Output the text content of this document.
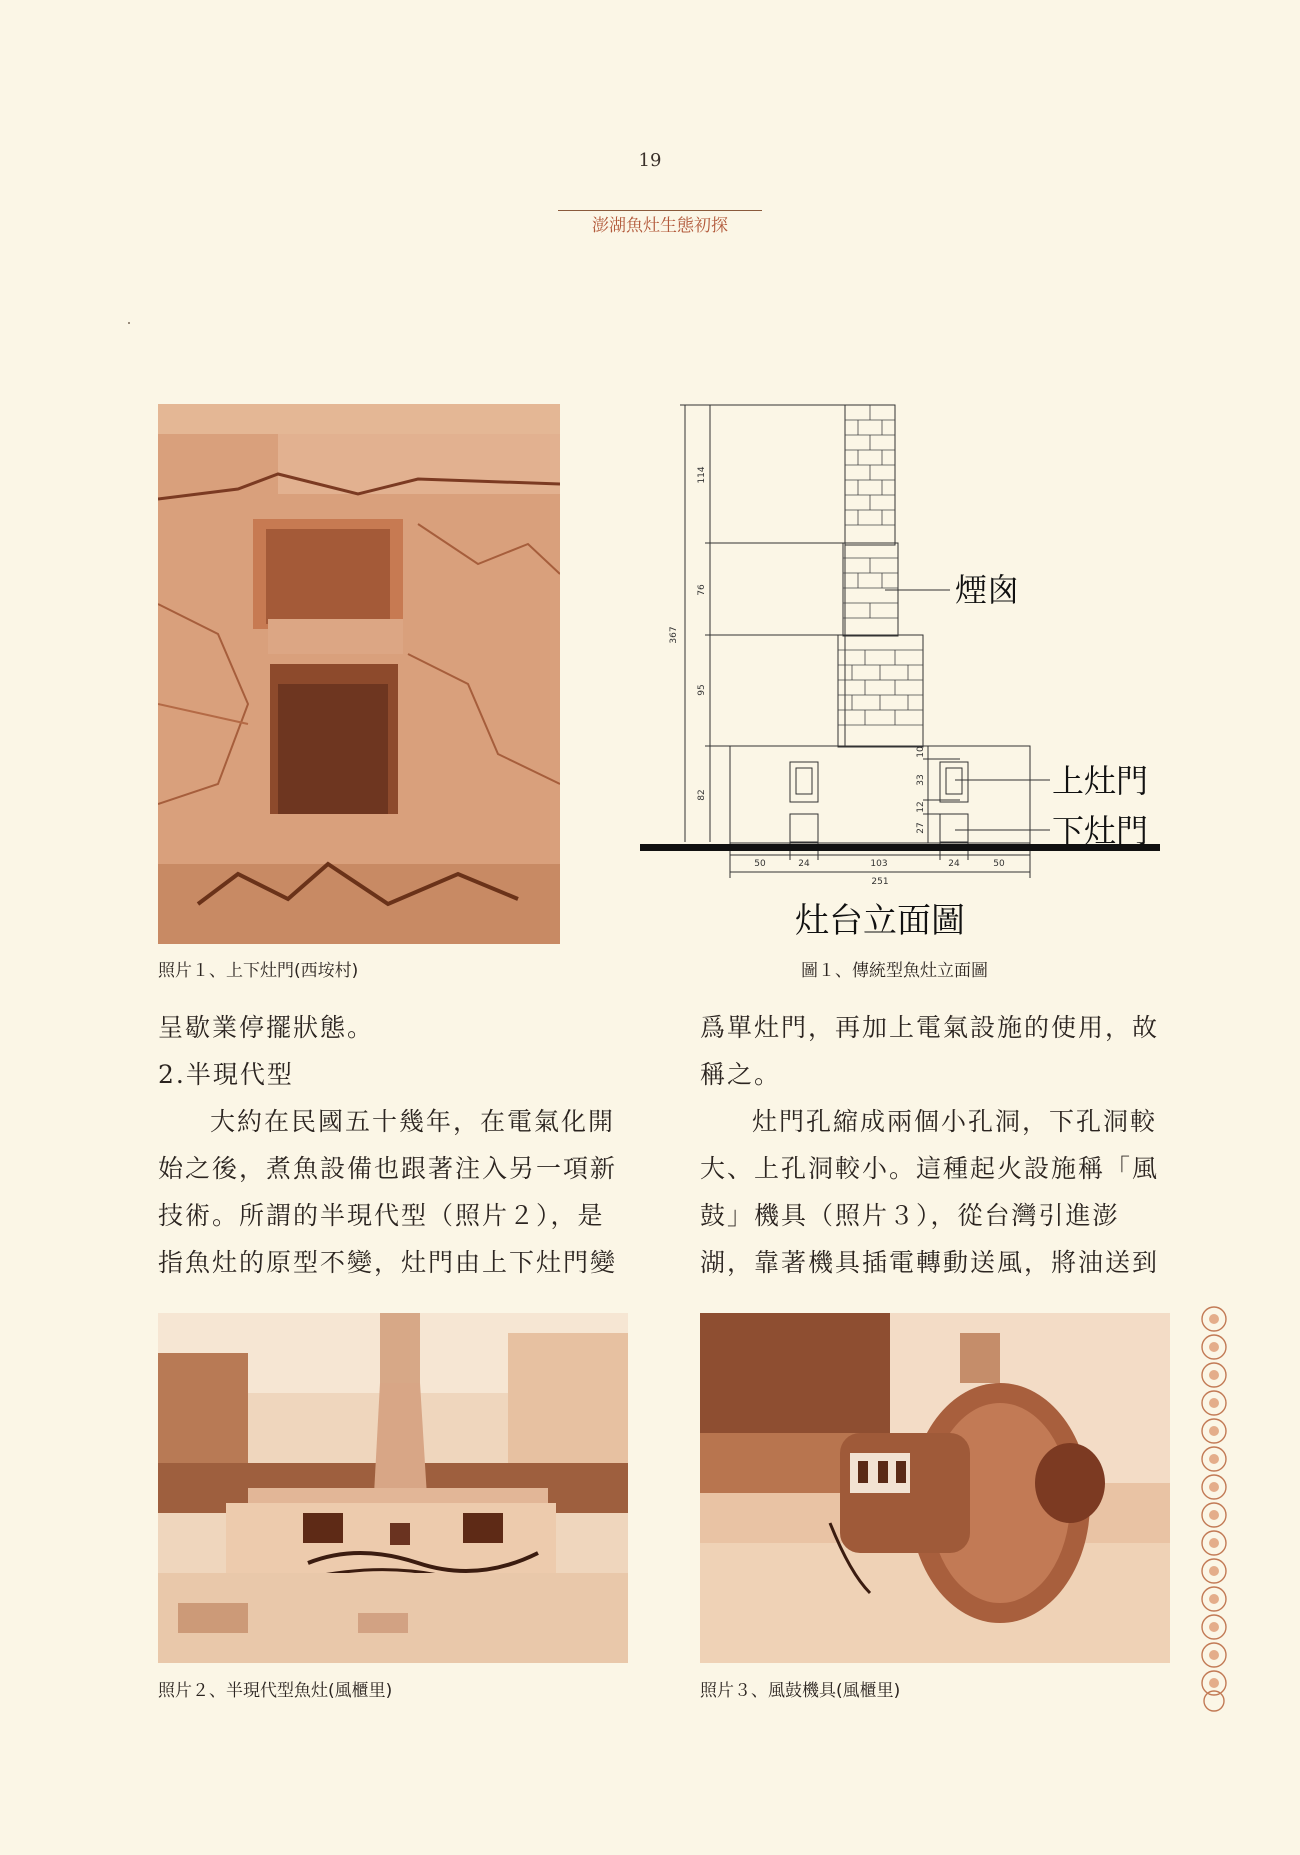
19
澎湖魚灶生態初探
照片１、上下灶門(西垵村)
367
114
76
95
82
10
33
12
27
50	24	103	24	50
251
煙囪
上灶門
下灶門
灶台立面圖
圖１、傳統型魚灶立面圖

呈歇業停擺狀態。

2.半現代型

大約在民國五十幾年，在電氣化開始之後，煮魚設備也跟著注入另一項新技術。所謂的半現代型（照片２），是指魚灶的原型不變，灶門由上下灶門變

爲單灶門，再加上電氣設施的使用，故稱之。

灶門孔縮成兩個小孔洞，下孔洞較大、上孔洞較小。這種起火設施稱「風鼓」機具（照片３），從台灣引進澎湖，靠著機具插電轉動送風，將油送到

照片２、半現代型魚灶(風櫃里)	照片３、風鼓機具(風櫃里)
